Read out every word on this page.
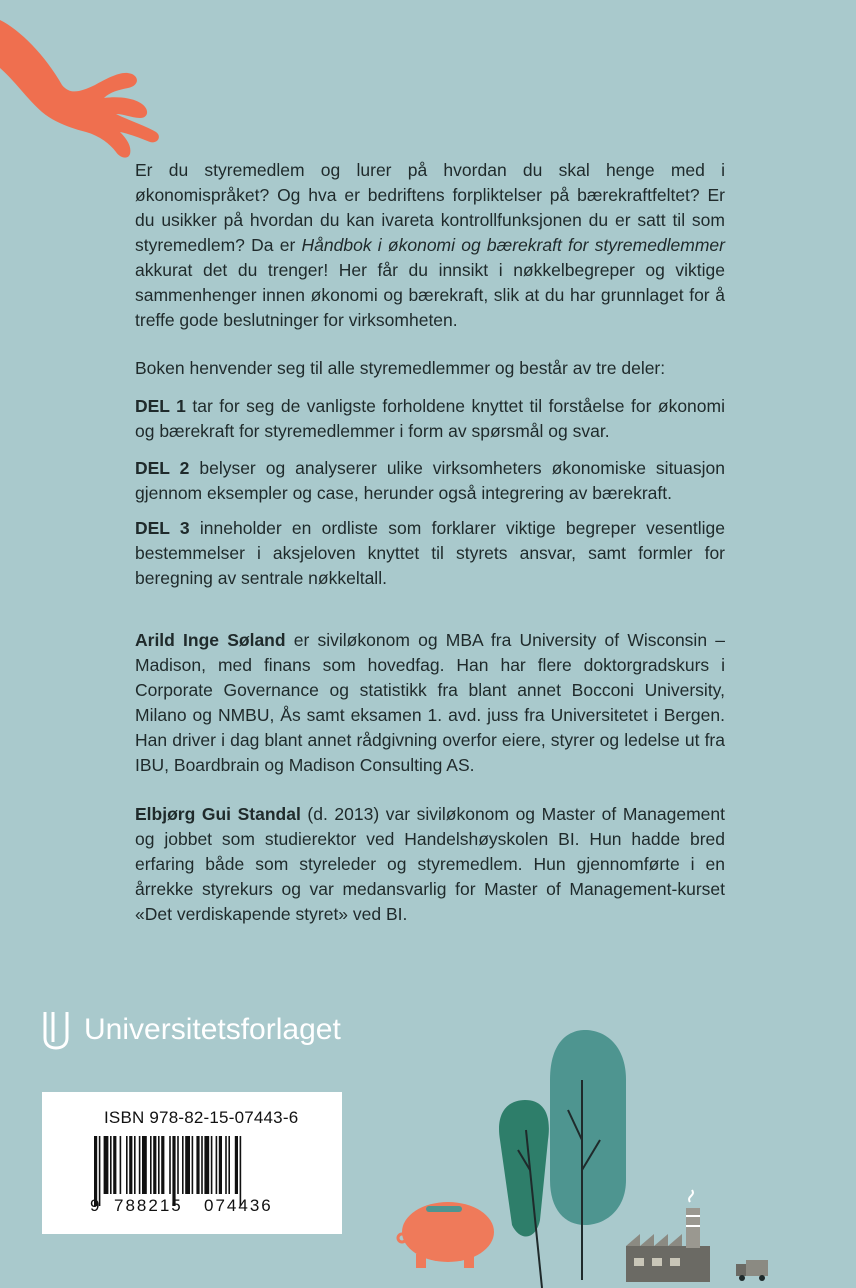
Er du styremedlem og lurer på hvordan du skal henge med i økonomispråket? Og hva er bedriftens forpliktelser på bærekraftfeltet? Er du usikker på hvordan du kan ivareta kontrollfunksjonen du er satt til som styremedlem? Da er Håndbok i økonomi og bærekraft for styremedlemmer akkurat det du trenger! Her får du innsikt i nøkkelbegreper og viktige sammenhenger innen økonomi og bærekraft, slik at du har grunnlaget for å treffe gode beslutninger for virksomheten.

Boken henvender seg til alle styremedlemmer og består av tre deler:

DEL 1 tar for seg de vanligste forholdene knyttet til forståelse for økonomi og bærekraft for styremedlemmer i form av spørsmål og svar.

DEL 2 belyser og analyserer ulike virksomheters økonomiske situasjon gjennom eksempler og case, herunder også integrering av bærekraft.

DEL 3 inneholder en ordliste som forklarer viktige begreper vesentlige bestemmelser i aksjeloven knyttet til styrets ansvar, samt formler for beregning av sentrale nøkkeltall.

Arild Inge Søland er siviløkonom og MBA fra University of Wisconsin –Madison, med finans som hovedfag. Han har flere doktorgradskurs i Corporate Governance og statistikk fra blant annet Bocconi University, Milano og NMBU, Ås samt eksamen 1. avd. juss fra Universitetet i Bergen. Han driver i dag blant annet rådgivning overfor eiere, styrer og ledelse ut fra IBU, Boardbrain og Madison Consulting AS.

Elbjørg Gui Standal (d. 2013) var siviløkonom og Master of Management og jobbet som studierektor ved Handelshøyskolen BI. Hun hadde bred erfaring både som styreleder og styremedlem. Hun gjennomførte i en årrekke styrekurs og var medansvarlig for Master of Management-kurset «Det verdiskapende styret» ved BI.

Universitetsforlaget
ISBN 978-82-15-07443-6
9 788215 074436
